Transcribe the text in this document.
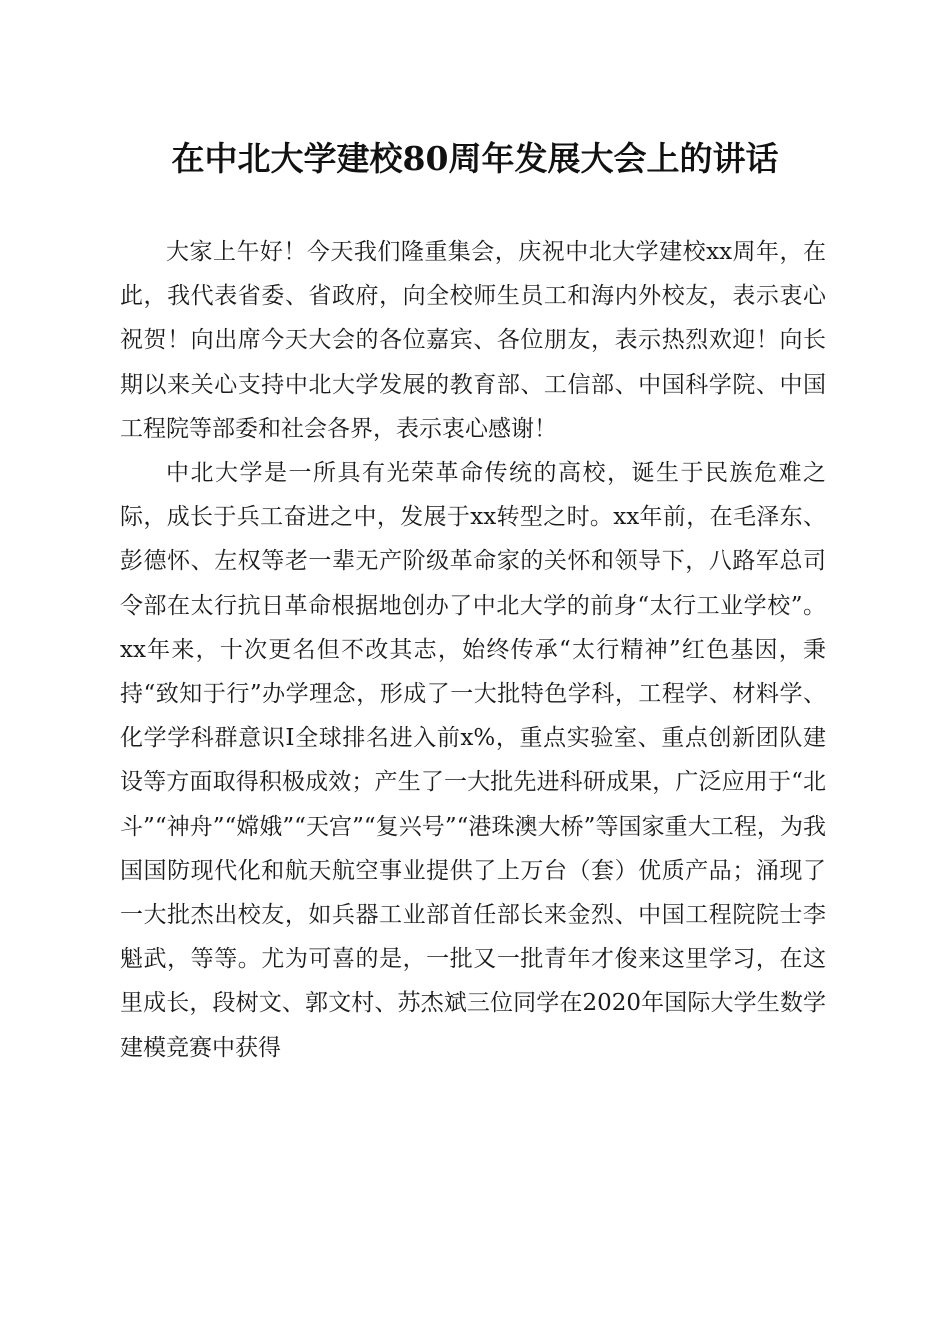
在中北大学建校80周年发展大会上的讲话

大家上午好！今天我们隆重集会，庆祝中北大学建校xx周年，在此，我代表省委、省政府，向全校师生员工和海内外校友，表示衷心祝贺！向出席今天大会的各位嘉宾、各位朋友，表示热烈欢迎！向长期以来关心支持中北大学发展的教育部、工信部、中国科学院、中国工程院等部委和社会各界，表示衷心感谢！

中北大学是一所具有光荣革命传统的高校，诞生于民族危难之际，成长于兵工奋进之中，发展于xx转型之时。xx年前，在毛泽东、彭德怀、左权等老一辈无产阶级革命家的关怀和领导下，八路军总司令部在太行抗日革命根据地创办了中北大学的前身“太行工业学校”。xx年来，十次更名但不改其志，始终传承“太行精神”红色基因，秉持“致知于行”办学理念，形成了一大批特色学科，工程学、材料学、化学学科群意识Ⅰ全球排名进入前x%，重点实验室、重点创新团队建设等方面取得积极成效；产生了一大批先进科研成果，广泛应用于“北斗”“神舟”“嫦娥”“天宫”“复兴号”“港珠澳大桥”等国家重大工程，为我国国防现代化和航天航空事业提供了上万台（套）优质产品；涌现了一大批杰出校友，如兵器工业部首任部长来金烈、中国工程院院士李魁武，等等。尤为可喜的是，一批又一批青年才俊来这里学习，在这里成长，段树文、郭文村、苏杰斌三位同学在2020年国际大学生数学建模竞赛中获得
